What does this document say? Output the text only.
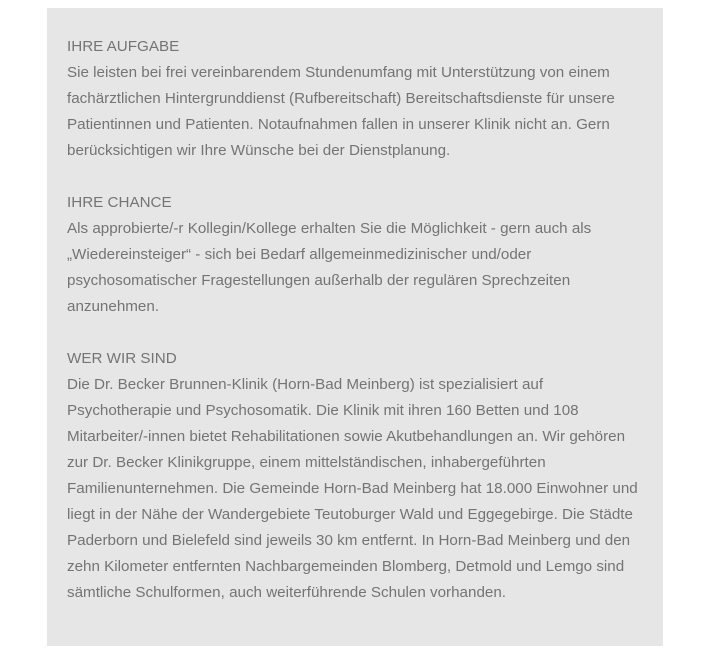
IHRE AUFGABE
Sie leisten bei frei vereinbarendem Stundenumfang mit Unterstützung von einem fachärztlichen Hintergrunddienst (Rufbereitschaft) Bereitschaftsdienste für unsere Patientinnen und Patienten. Notaufnahmen fallen in unserer Klinik nicht an. Gern berücksichtigen wir Ihre Wünsche bei der Dienstplanung.
IHRE CHANCE
Als approbierte/-r Kollegin/Kollege erhalten Sie die Möglichkeit - gern auch als „Wiedereinsteiger“ - sich bei Bedarf allgemeinmedizinischer und/oder psychosomatischer Fragestellungen außerhalb der regulären Sprechzeiten anzunehmen.
WER WIR SIND
Die Dr. Becker Brunnen-Klinik (Horn-Bad Meinberg) ist spezialisiert auf Psychotherapie und Psychosomatik. Die Klinik mit ihren 160 Betten und 108 Mitarbeiter/-innen bietet Rehabilitationen sowie Akutbehandlungen an. Wir gehören zur Dr. Becker Klinikgruppe, einem mittelständischen, inhabergeführten Familienunternehmen. Die Gemeinde Horn-Bad Meinberg hat 18.000 Einwohner und liegt in der Nähe der Wandergebiete Teutoburger Wald und Eggegebirge. Die Städte Paderborn und Bielefeld sind jeweils 30 km entfernt. In Horn-Bad Meinberg und den zehn Kilometer entfernten Nachbargemeinden Blomberg, Detmold und Lemgo sind sämtliche Schulformen, auch weiterführende Schulen vorhanden.
